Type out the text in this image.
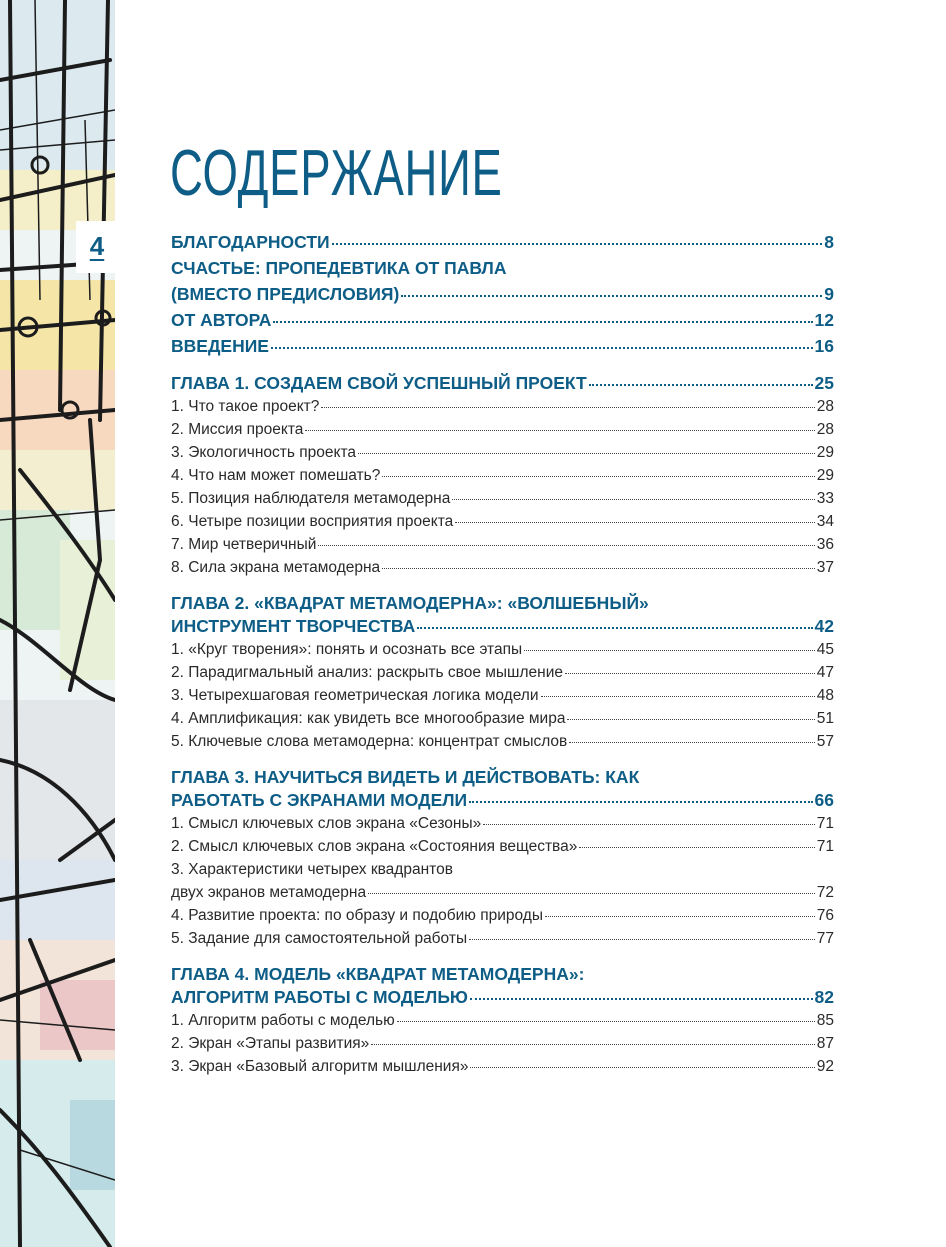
4
СОДЕРЖАНИЕ
БЛАГОДАРНОСТИ	8
СЧАСТЬЕ: ПРОПЕДЕВТИКА ОТ ПАВЛА
(ВМЕСТО ПРЕДИСЛОВИЯ)	9
ОТ АВТОРА	12
ВВЕДЕНИЕ	16
ГЛАВА 1. СОЗДАЕМ СВОЙ УСПЕШНЫЙ ПРОЕКТ	25
1. Что такое проект?	28
2. Миссия проекта	28
3. Экологичность проекта	29
4. Что нам может помешать?	29
5. Позиция наблюдателя метамодерна	33
6. Четыре позиции восприятия проекта	34
7. Мир четверичный	36
8. Сила экрана метамодерна	37
ГЛАВА 2. «КВАДРАТ МЕТАМОДЕРНА»: «ВОЛШЕБНЫЙ»
ИНСТРУМЕНТ ТВОРЧЕСТВА	42
1. «Круг творения»: понять и осознать все этапы	45
2. Парадигмальный анализ: раскрыть свое мышление	47
3. Четырехшаговая геометрическая логика модели	48
4. Амплификация: как увидеть все многообразие мира	51
5. Ключевые слова метамодерна: концентрат смыслов	57
ГЛАВА 3. НАУЧИТЬСЯ ВИДЕТЬ И ДЕЙСТВОВАТЬ: КАК
РАБОТАТЬ С ЭКРАНАМИ МОДЕЛИ	66
1. Смысл ключевых слов экрана «Сезоны»	71
2. Смысл ключевых слов экрана «Состояния вещества»	71
3. Характеристики четырех квадрантов
двух экранов метамодерна	72
4. Развитие проекта: по образу и подобию природы	76
5. Задание для самостоятельной работы	77
ГЛАВА 4. МОДЕЛЬ «КВАДРАТ МЕТАМОДЕРНА»:
АЛГОРИТМ РАБОТЫ С МОДЕЛЬЮ	82
1. Алгоритм работы с моделью	85
2. Экран «Этапы развития»	87
3. Экран «Базовый алгоритм мышления»	92
